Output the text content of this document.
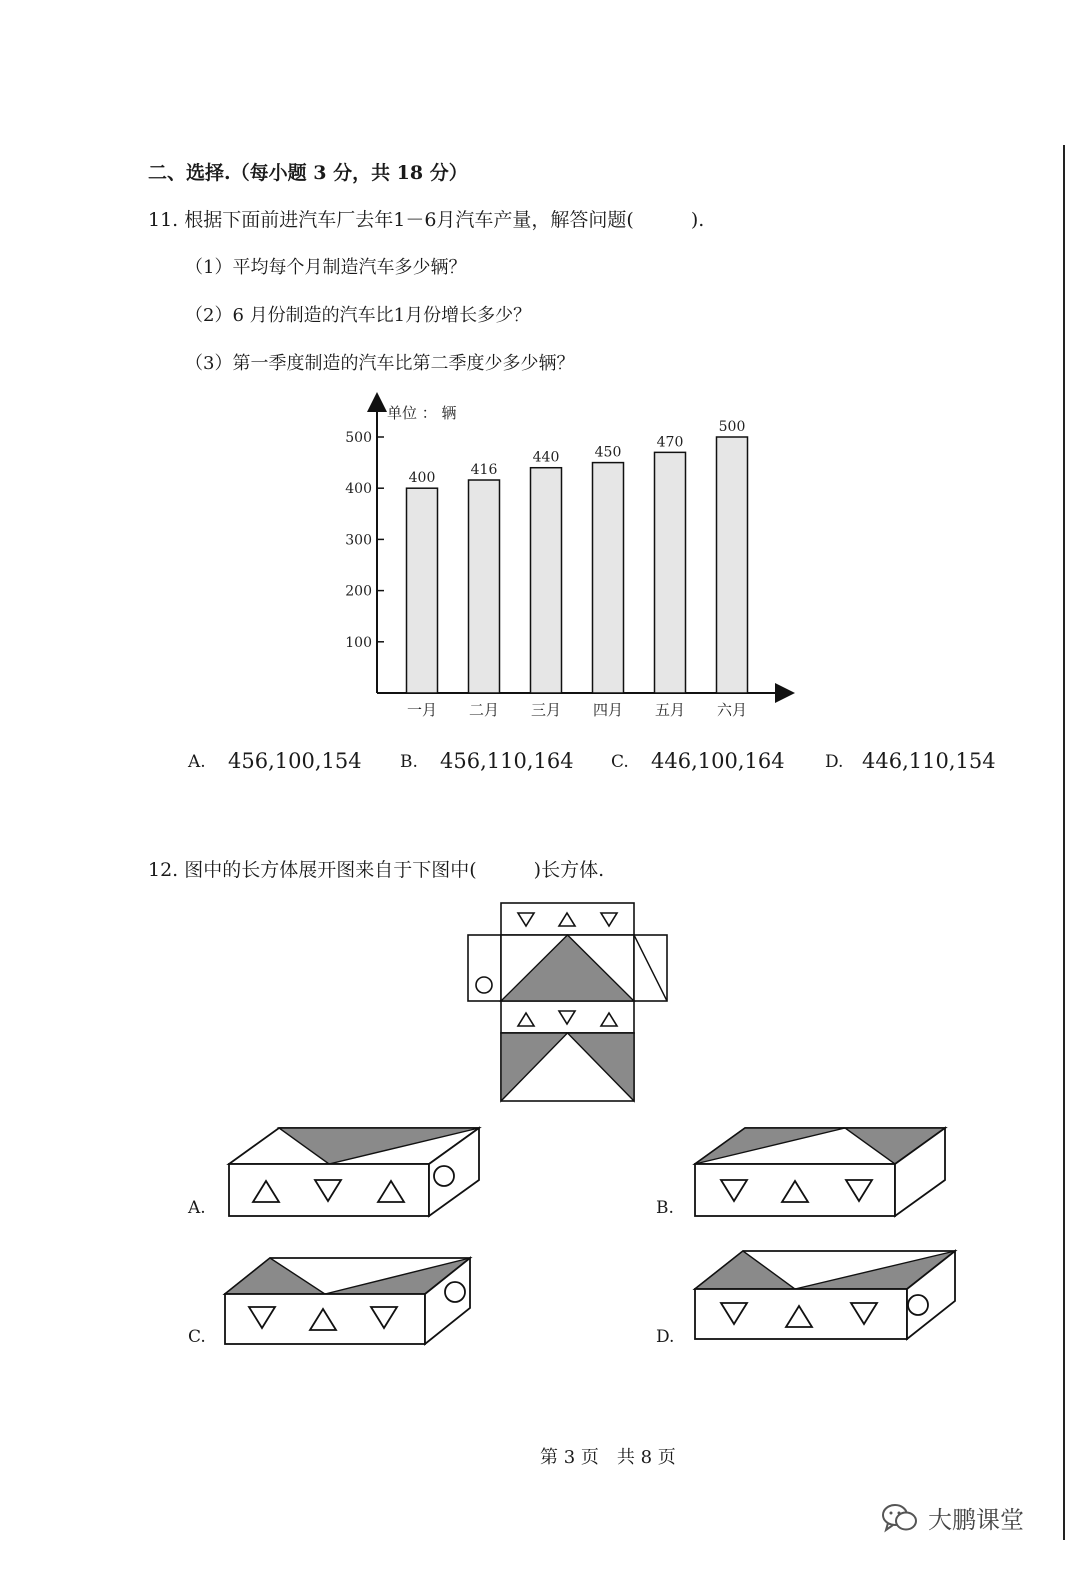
二、选择.（每小题 3 分，共 18 分）
11. 根据下面前进汽车厂去年1－6月汽车产量，解答问题(　　　).
（1）平均每个月制造汽车多少辆？
（2）6 月份制造的汽车比1月份增长多少？
（3）第一季度制造的汽车比第二季度少多少辆？
单位 ： 辆
100
200
300
400
500
400
一月
416
二月
440
三月
450
四月
470
五月
500
六月
A. 456,100,154 B. 456,110,164 C. 446,100,164 D. 446,110,154
12. 图中的长方体展开图来自于下图中(　　　)长方体.
A.	B.
C.	D.
第 3 页　共 8 页
大鹏课堂
